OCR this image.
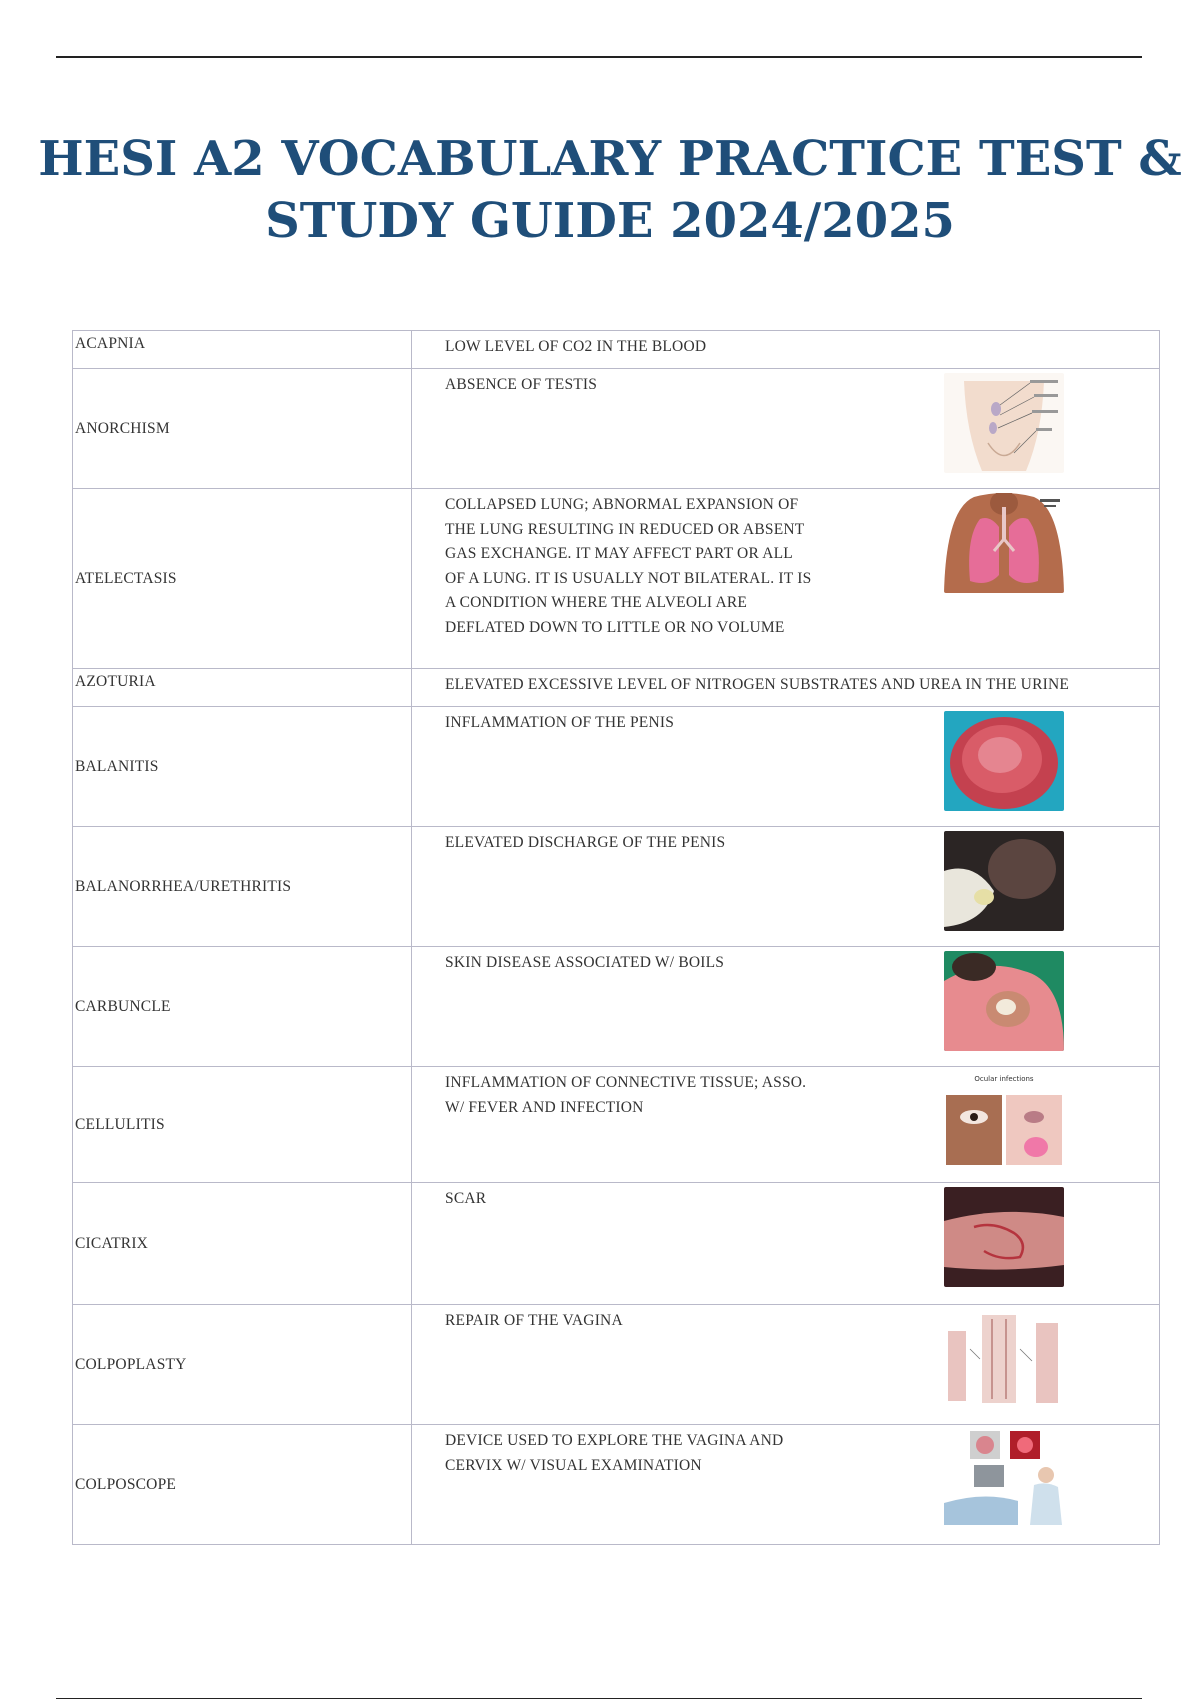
HESI A2 VOCABULARY PRACTICE TEST &
STUDY GUIDE 2024/2025
ACAPNIA	LOW LEVEL OF CO2 IN THE BLOOD

ANORCHISM	ABSENCE OF TESTIS

ATELECTASIS	COLLAPSED LUNG; ABNORMAL EXPANSION OF THE LUNG RESULTING IN REDUCED OR ABSENT GAS EXCHANGE. IT MAY AFFECT PART OR ALL OF A LUNG. IT IS USUALLY NOT BILATERAL. IT IS A CONDITION WHERE THE ALVEOLI ARE DEFLATED DOWN TO LITTLE OR NO VOLUME

AZOTURIA	ELEVATED EXCESSIVE LEVEL OF NITROGEN SUBSTRATES AND UREA IN THE URINE

BALANITIS	INFLAMMATION OF THE PENIS

BALANORRHEA/URETHRITIS	ELEVATED DISCHARGE OF THE PENIS

CARBUNCLE	SKIN DISEASE ASSOCIATED W/ BOILS

CELLULITIS	INFLAMMATION OF CONNECTIVE TISSUE; ASSO. W/ FEVER AND INFECTION
Ocular infections

CICATRIX	SCAR

COLPOPLASTY	REPAIR OF THE VAGINA

COLPOSCOPE	DEVICE USED TO EXPLORE THE VAGINA AND CERVIX W/ VISUAL EXAMINATION
